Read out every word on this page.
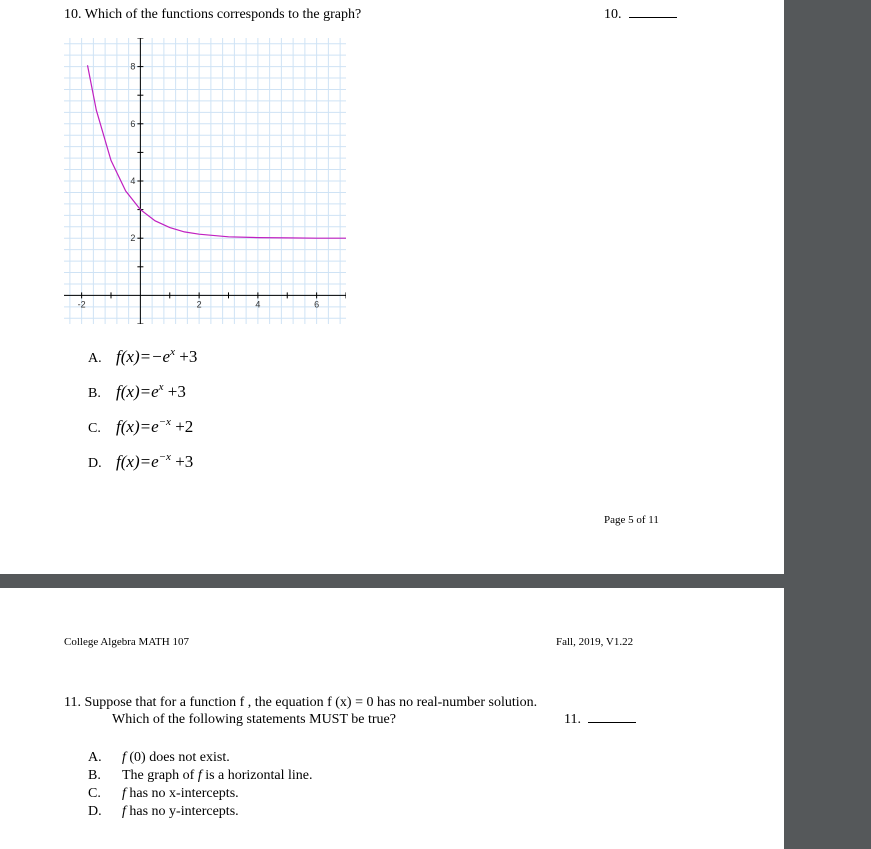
10. Which of the functions corresponds to the graph?	10.
-2	2	4	6
2
4
6
8
A. $f(x)=-e^x +3$
B. $f(x)=e^x +3$
C. $f(x)=e^{-x} +2$
D. $f(x)=e^{-x} +3$
Page 5 of 11
College Algebra MATH 107	Fall, 2019, V1.22
11. Suppose that for a function f , the equation f (x) = 0 has no real-number solution.
Which of the following statements MUST be true?	11.
A. f (0) does not exist.
B. The graph of f is a horizontal line.
C. f has no x-intercepts.
D. f has no y-intercepts.
